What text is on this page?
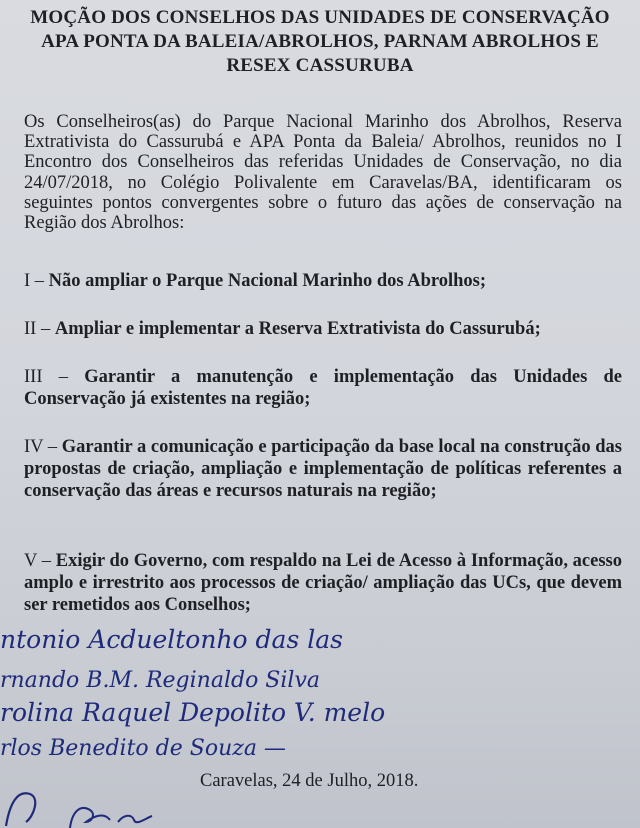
MOÇÃO DOS CONSELHOS DAS UNIDADES DE CONSERVAÇÃO APA PONTA DA BALEIA/ABROLHOS, PARNAM ABROLHOS E RESEX CASSURUBA
Os Conselheiros(as) do Parque Nacional Marinho dos Abrolhos, Reserva Extrativista do Cassurubá e APA Ponta da Baleia/ Abrolhos, reunidos no I Encontro dos Conselheiros das referidas Unidades de Conservação, no dia 24/07/2018, no Colégio Polivalente em Caravelas/BA, identificaram os seguintes pontos convergentes sobre o futuro das ações de conservação na Região dos Abrolhos:
I – Não ampliar o Parque Nacional Marinho dos Abrolhos;
II – Ampliar e implementar a Reserva Extrativista do Cassurubá;
III – Garantir a manutenção e implementação das Unidades de Conservação já existentes na região;
IV – Garantir a comunicação e participação da base local na construção das propostas de criação, ampliação e implementação de políticas referentes a conservação das áreas e recursos naturais na região;
V – Exigir do Governo, com respaldo na Lei de Acesso à Informação, acesso amplo e irrestrito aos processos de criação/ ampliação das UCs, que devem ser remetidos aos Conselhos;
ntonio Acdueltonho das las
rnando B.M. Reginaldo Silva
rolina Raquel Depolito V. melo
rlos Benedito de Souza —
Caravelas, 24 de Julho, 2018.
